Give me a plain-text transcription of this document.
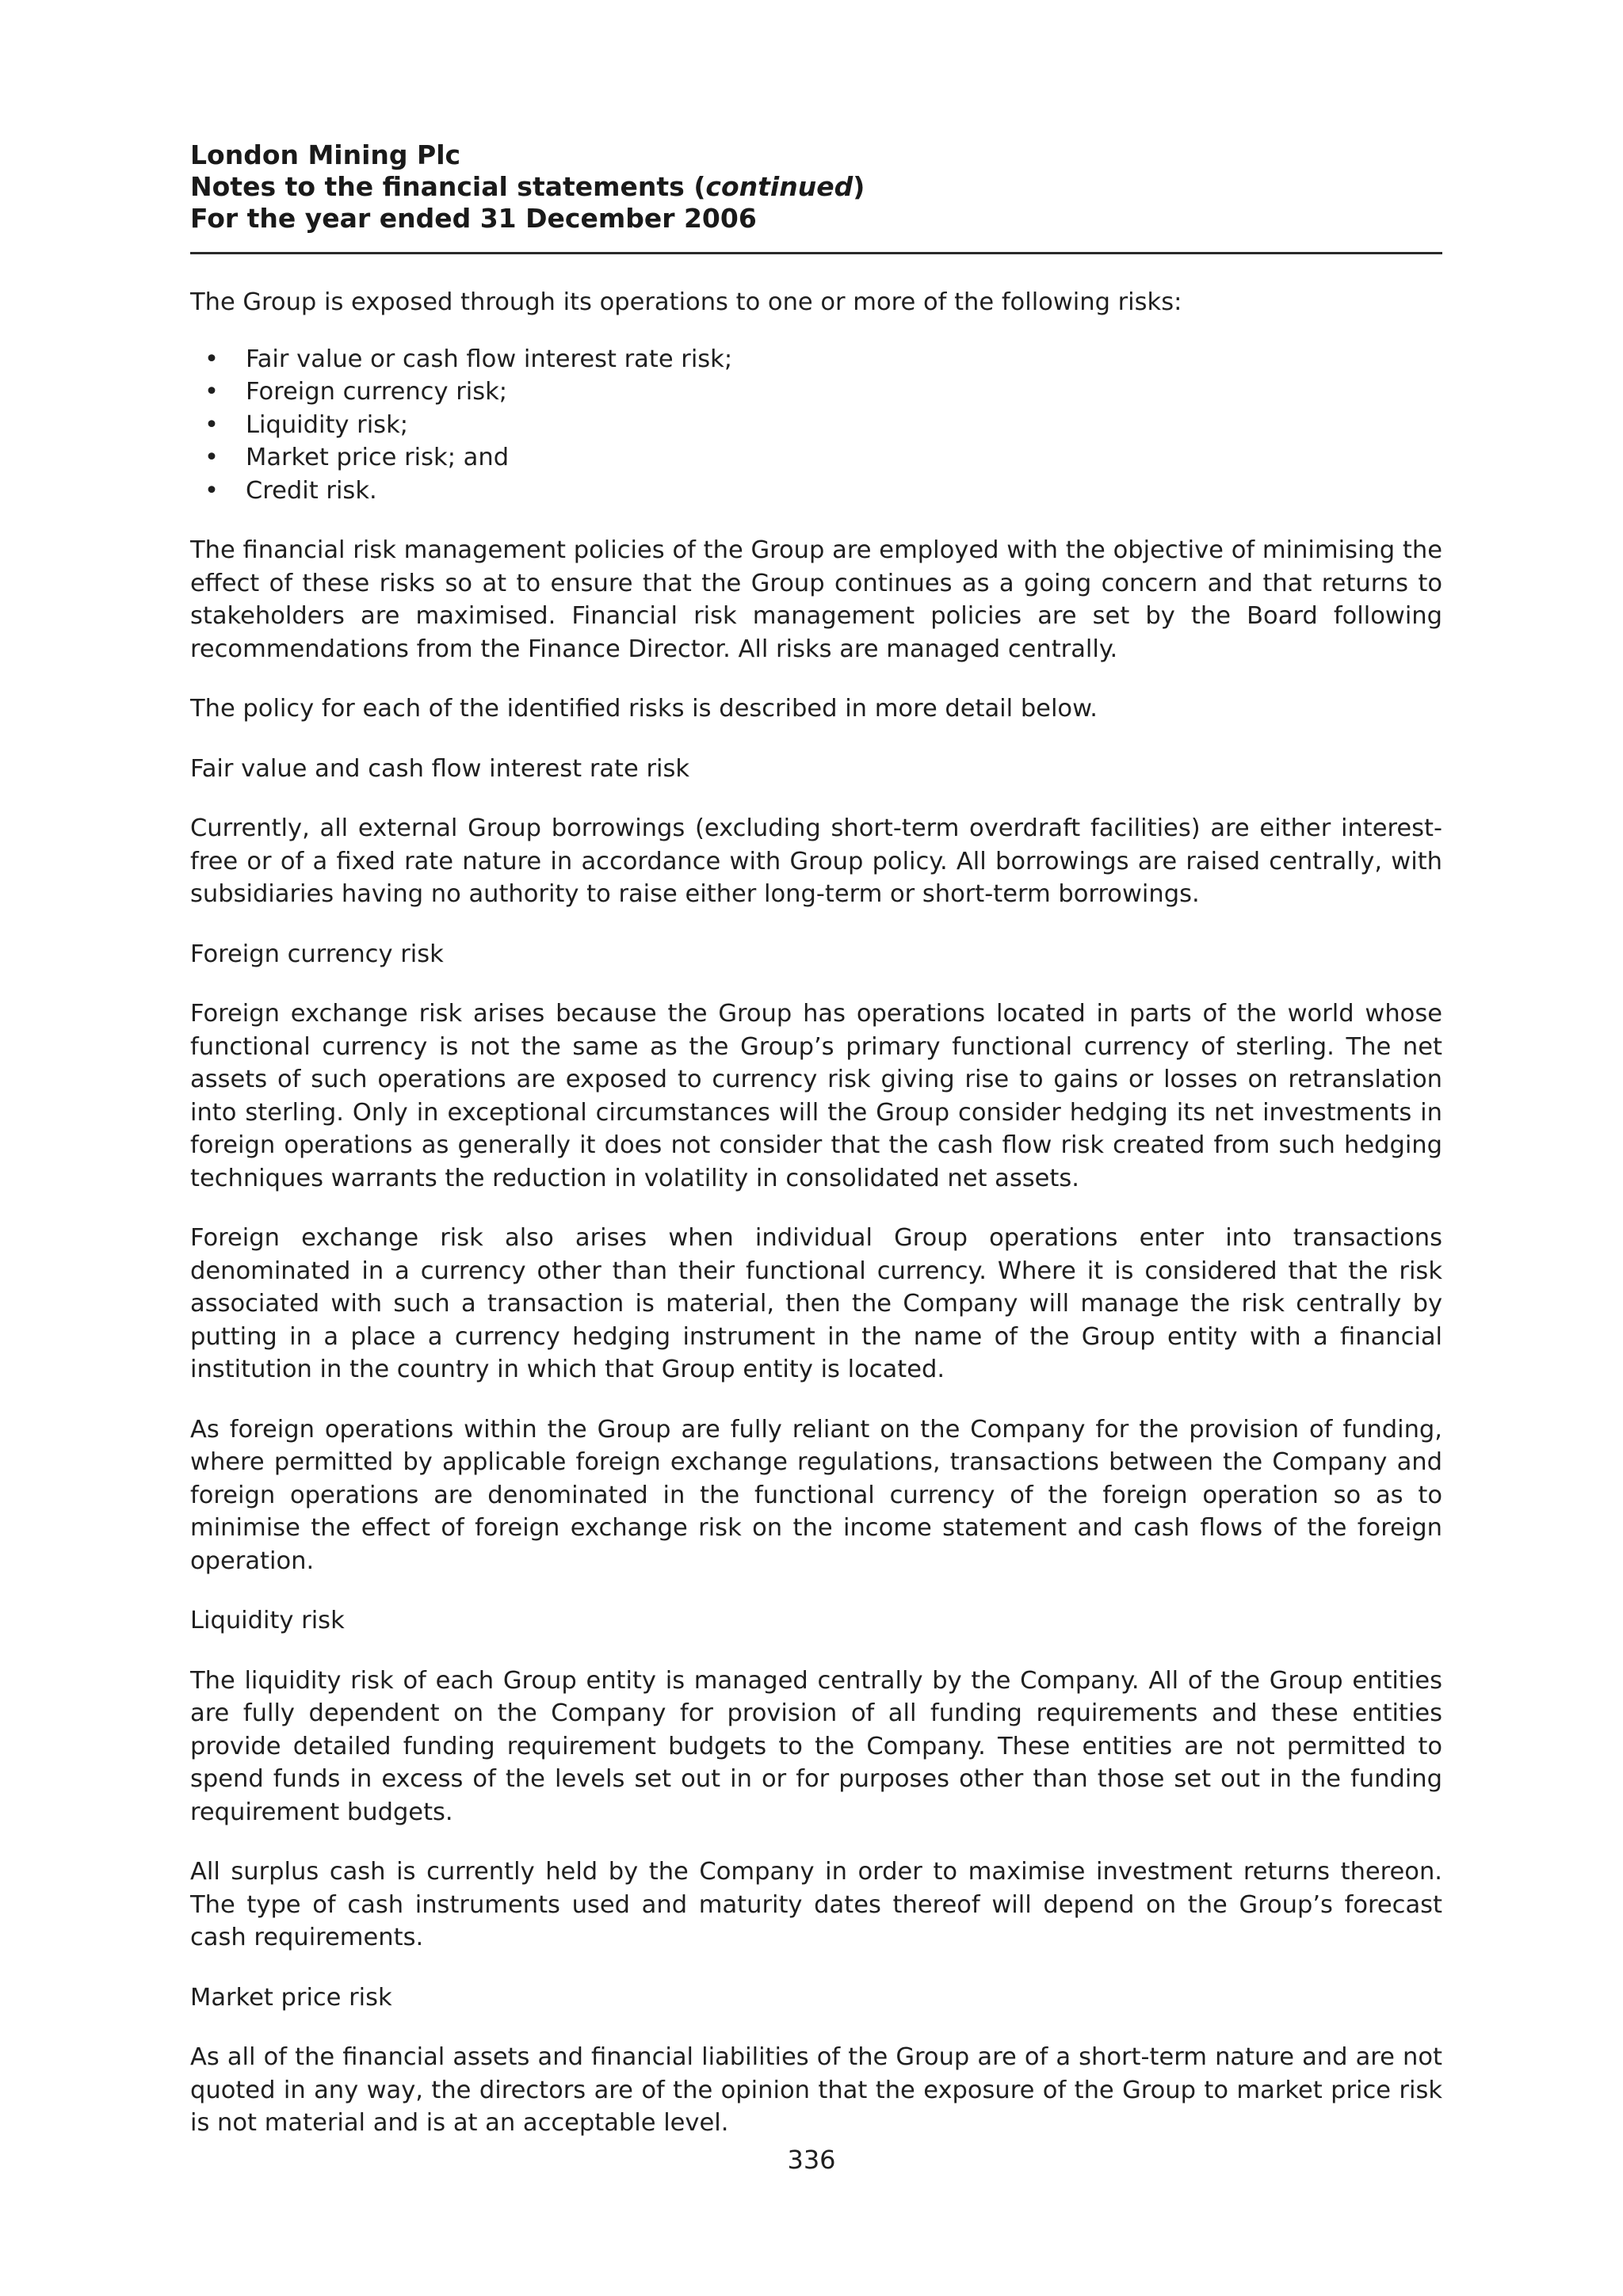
London Mining Plc
Notes to the financial statements (continued)
For the year ended 31 December 2006

The Group is exposed through its operations to one or more of the following risks:

• Fair value or cash flow interest rate risk;
• Foreign currency risk;
• Liquidity risk;
• Market price risk; and
• Credit risk.

The financial risk management policies of the Group are employed with the objective of minimising the effect of these risks so at to ensure that the Group continues as a going concern and that returns to stakeholders are maximised. Financial risk management policies are set by the Board following recommendations from the Finance Director. All risks are managed centrally.

The policy for each of the identified risks is described in more detail below.

Fair value and cash flow interest rate risk

Currently, all external Group borrowings (excluding short-term overdraft facilities) are either interest-free or of a fixed rate nature in accordance with Group policy. All borrowings are raised centrally, with subsidiaries having no authority to raise either long-term or short-term borrowings.

Foreign currency risk

Foreign exchange risk arises because the Group has operations located in parts of the world whose functional currency is not the same as the Group’s primary functional currency of sterling. The net assets of such operations are exposed to currency risk giving rise to gains or losses on retranslation into sterling. Only in exceptional circumstances will the Group consider hedging its net investments in foreign operations as generally it does not consider that the cash flow risk created from such hedging techniques warrants the reduction in volatility in consolidated net assets.

Foreign exchange risk also arises when individual Group operations enter into transactions denominated in a currency other than their functional currency. Where it is considered that the risk associated with such a transaction is material, then the Company will manage the risk centrally by putting in a place a currency hedging instrument in the name of the Group entity with a financial institution in the country in which that Group entity is located.

As foreign operations within the Group are fully reliant on the Company for the provision of funding, where permitted by applicable foreign exchange regulations, transactions between the Company and foreign operations are denominated in the functional currency of the foreign operation so as to minimise the effect of foreign exchange risk on the income statement and cash flows of the foreign operation.

Liquidity risk

The liquidity risk of each Group entity is managed centrally by the Company. All of the Group entities are fully dependent on the Company for provision of all funding requirements and these entities provide detailed funding requirement budgets to the Company. These entities are not permitted to spend funds in excess of the levels set out in or for purposes other than those set out in the funding requirement budgets.

All surplus cash is currently held by the Company in order to maximise investment returns thereon. The type of cash instruments used and maturity dates thereof will depend on the Group’s forecast cash requirements.

Market price risk

As all of the financial assets and financial liabilities of the Group are of a short-term nature and are not quoted in any way, the directors are of the opinion that the exposure of the Group to market price risk is not material and is at an acceptable level.

336
